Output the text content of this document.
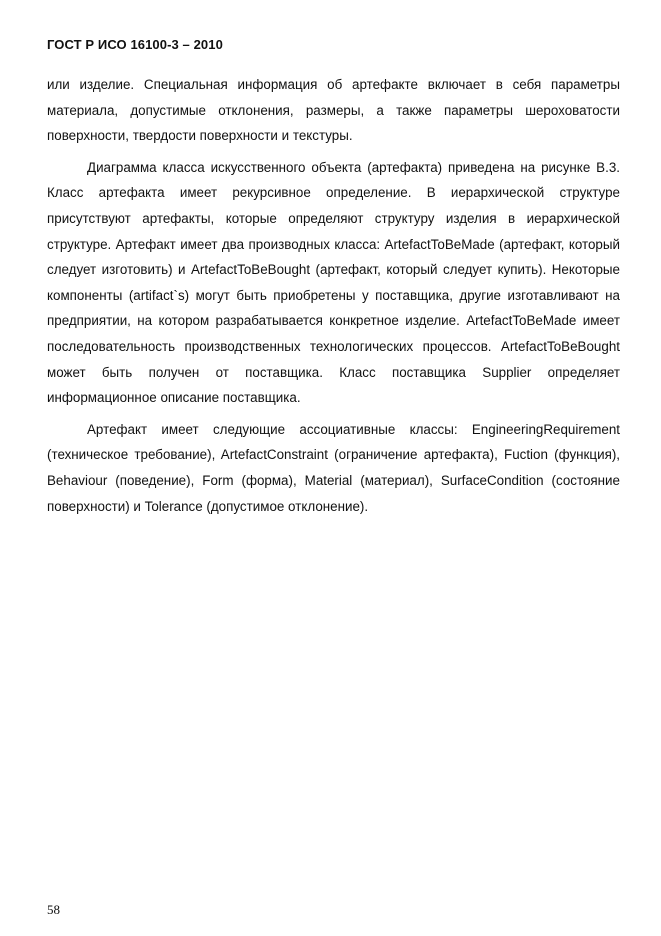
ГОСТ Р ИСО 16100-3 – 2010

или изделие. Специальная информация об артефакте включает в себя параметры материала, допустимые отклонения, размеры, а также параметры шероховатости поверхности, твердости поверхности и текстуры.

Диаграмма класса искусственного объекта (артефакта) приведена на рисунке В.3. Класс артефакта имеет рекурсивное определение. В иерархической структуре присутствуют артефакты, которые определяют структуру изделия в иерархической структуре. Артефакт имеет два производных класса: ArtefactToBeMade (артефакт, который следует изготовить) и ArtefactToBeBought (артефакт, который следует купить). Некоторые компоненты (artifact`s) могут быть приобретены у поставщика, другие изготавливают на предприятии, на котором разрабатывается конкретное изделие. ArtefactToBeMade имеет последовательность производственных технологических процессов. ArtefactToBeBought может быть получен от поставщика. Класс поставщика Supplier определяет информационное описание поставщика.

Артефакт имеет следующие ассоциативные классы: EngineeringRequirement (техническое требование), ArtefactConstraint (ограничение артефакта), Fuction (функция), Behaviour (поведение), Form (форма), Material (материал), SurfaceCondition (состояние поверхности) и Tolerance (допустимое отклонение).

58
